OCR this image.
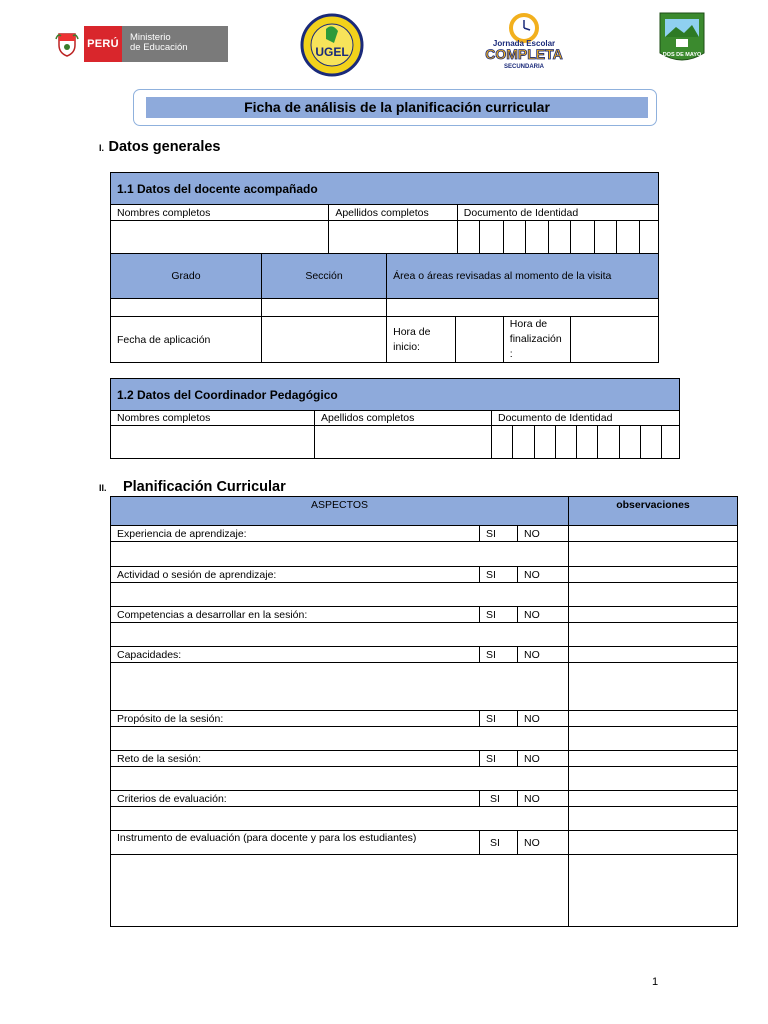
PERÚ
Ministerio
de Educación	UGEL
Jornada Escolar
COMPLETA
SECUNDARIA
DOS DE MAYO
Ficha de análisis de la planificación curricular
I. Datos generales
1.1 Datos del docente acompañado													
Nombres completos		Apellidos completos			Documento de Identidad								

Grado	Sección		Área o áreas revisadas al momento de la visita										

Fecha de aplicación			Hora de inicio:				Hora de finalización :						
1.2 Datos del Coordinador Pedagógico										
Nombres completos	Apellidos completos	Documento de Identidad								

II. Planificación Curricular
ASPECTOS			observaciones
Experiencia de aprendizaje:	SI	NO	

Actividad o sesión de aprendizaje:	SI	NO	

Competencias a desarrollar en la sesión:	SI	NO	

Capacidades:	SI	NO	

Propósito de la sesión:	SI	NO	

Reto de la sesión:	SI	NO	

Criterios de evaluación:	SI	NO	

Instrumento de evaluación (para docente y para los estudiantes)	SI	NO	

1
